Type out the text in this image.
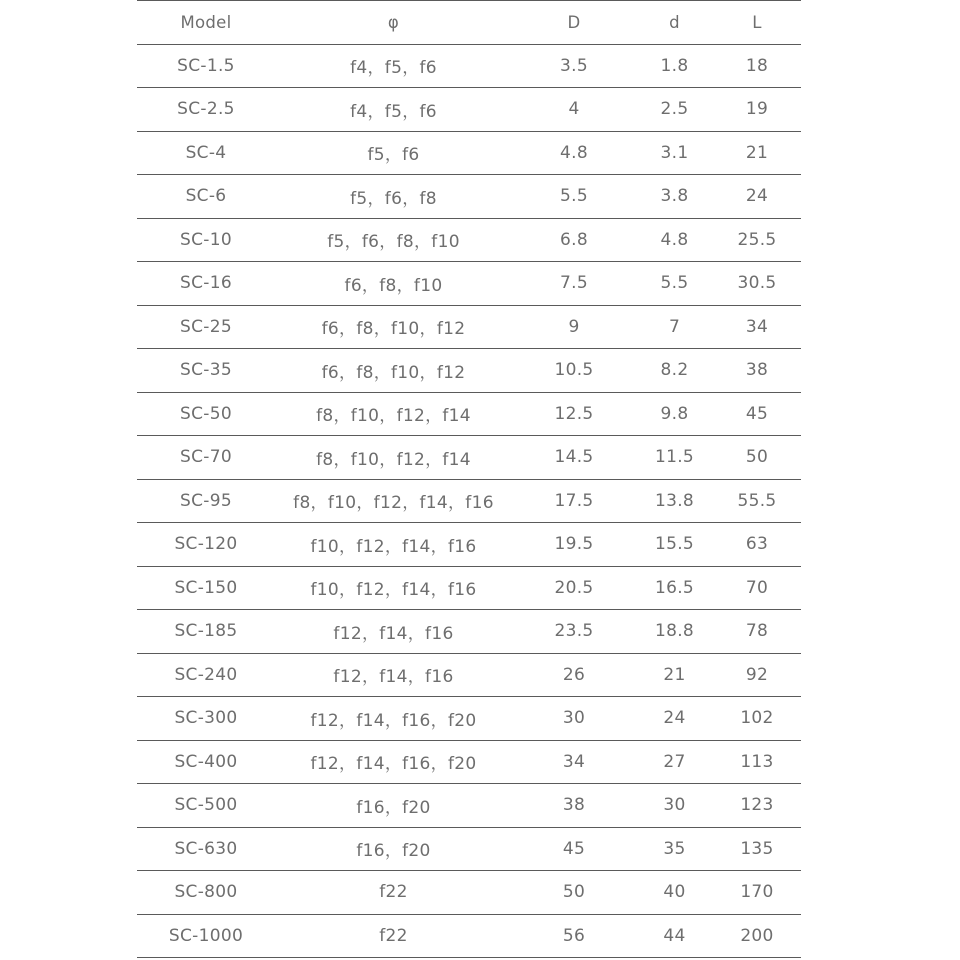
Model	φ	D	d	L
SC-1.5	f4，f5，f6	3.5	1.8	18
SC-2.5	f4，f5，f6	4	2.5	19
SC-4	f5，f6	4.8	3.1	21
SC-6	f5，f6，f8	5.5	3.8	24
SC-10	f5，f6，f8，f10	6.8	4.8	25.5
SC-16	f6，f8，f10	7.5	5.5	30.5
SC-25	f6，f8，f10，f12	9	7	34
SC-35	f6，f8，f10，f12	10.5	8.2	38
SC-50	f8，f10，f12，f14	12.5	9.8	45
SC-70	f8，f10，f12，f14	14.5	11.5	50
SC-95	f8，f10，f12，f14，f16	17.5	13.8	55.5
SC-120	f10，f12，f14，f16	19.5	15.5	63
SC-150	f10，f12，f14，f16	20.5	16.5	70
SC-185	f12，f14，f16	23.5	18.8	78
SC-240	f12，f14，f16	26	21	92
SC-300	f12，f14，f16，f20	30	24	102
SC-400	f12，f14，f16，f20	34	27	113
SC-500	f16，f20	38	30	123
SC-630	f16，f20	45	35	135
SC-800	f22	50	40	170
SC-1000	f22	56	44	200
